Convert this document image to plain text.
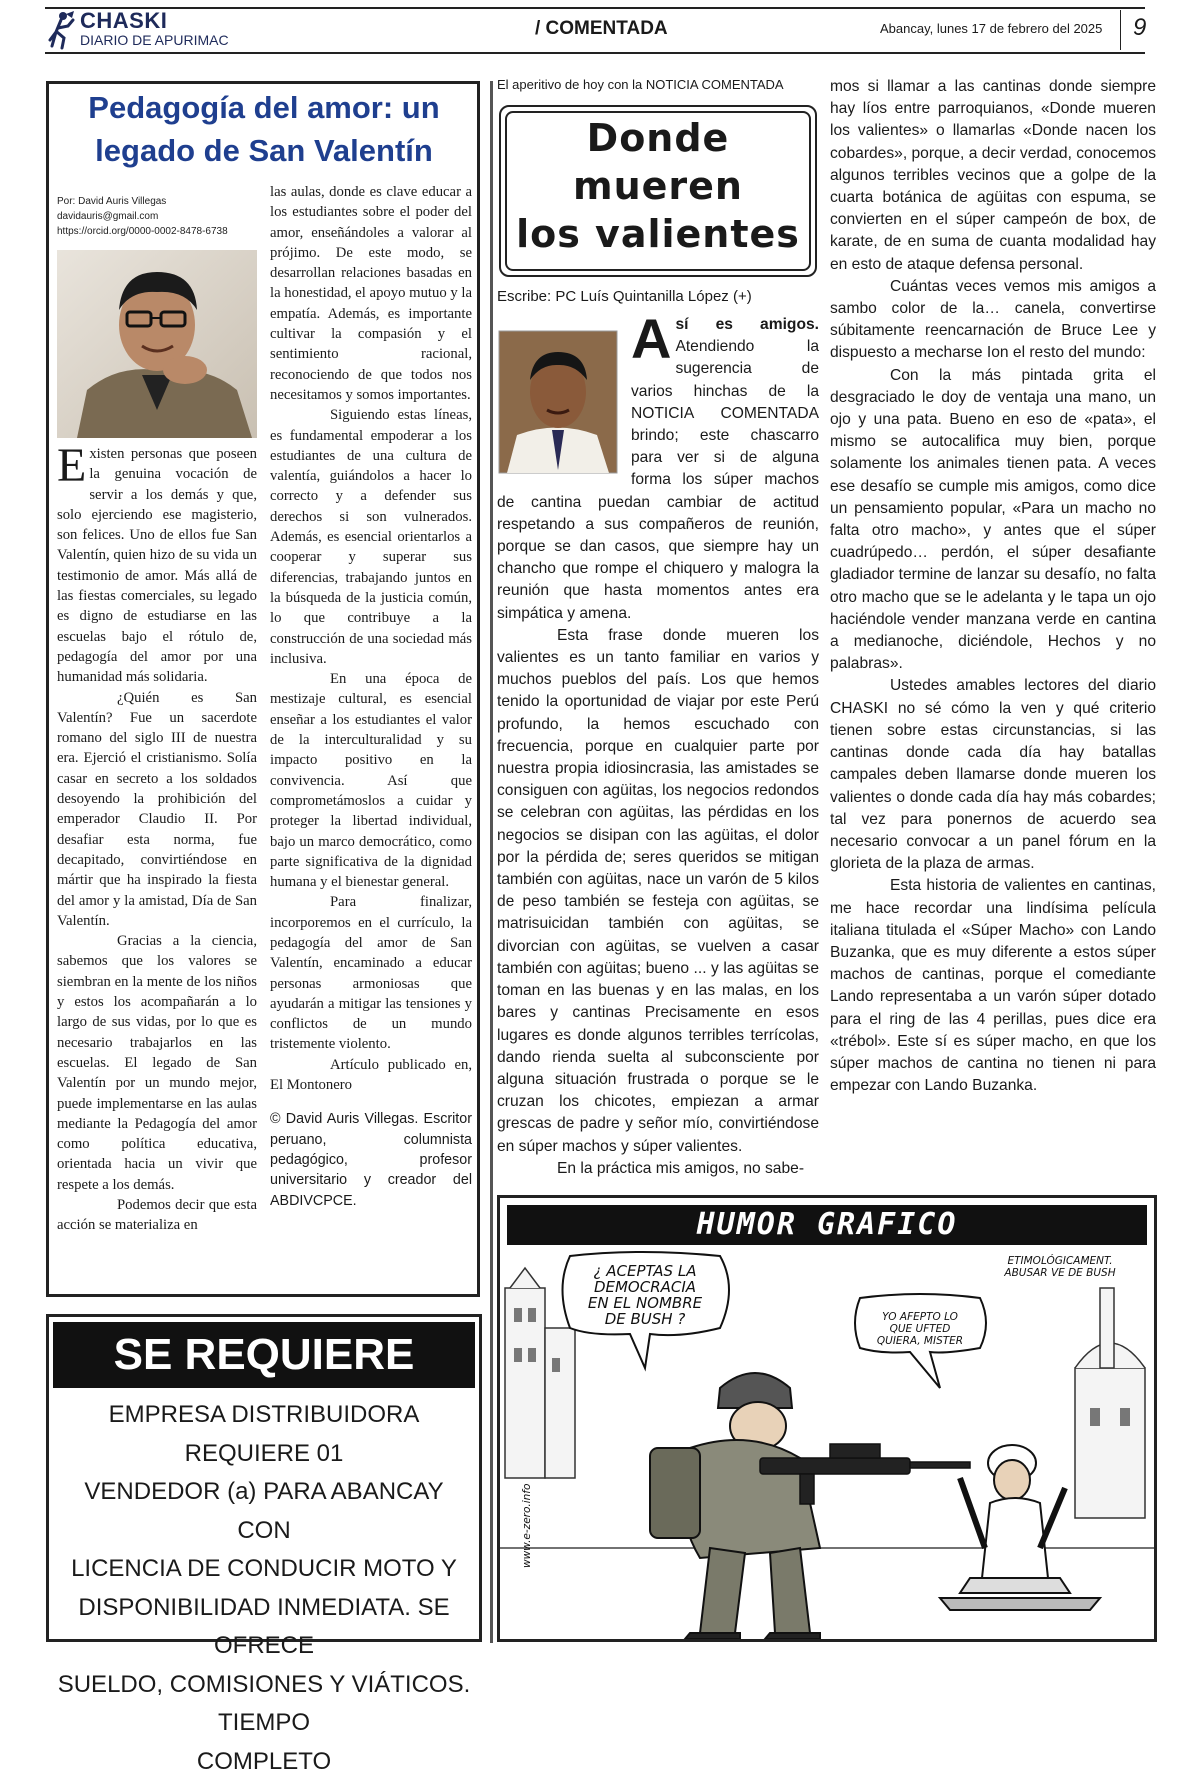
CHASKI
DIARIO DE APURIMAC
/ COMENTADA	Abancay, lunes 17 de febrero del 2025 9
Pedagogía del amor: un legado de San Valentín
Por: David Auris Villegas
davidauris@gmail.com
https://orcid.org/0000-0002-8478-6738

Existen personas que poseen la genuina vocación de servir a los demás y que, solo ejerciendo ese magisterio, son felices. Uno de ellos fue San Valentín, quien hizo de su vida un testimonio de amor. Más allá de las fiestas comerciales, su legado es digno de estudiarse en las escuelas bajo el rótulo de, pedagogía del amor por una humanidad más solidaria.

¿Quién es San Valentín? Fue un sacerdote romano del siglo III de nuestra era. Ejerció el cristianismo. Solía casar en secreto a los soldados desoyendo la prohibición del emperador Claudio II. Por desafiar esta norma, fue decapitado, convirtiéndose en mártir que ha inspirado la fiesta del amor y la amistad, Día de San Valentín.

Gracias a la ciencia, sabemos que los valores se siembran en la mente de los niños y estos los acompañarán a lo largo de sus vidas, por lo que es necesario trabajarlos en las escuelas. El legado de San Valentín por un mundo mejor, puede implementarse en las aulas mediante la Pedagogía del amor como política educativa, orientada hacia un vivir que respete a los demás.

Podemos decir que esta acción se materializa en

las aulas, donde es clave educar a los estudiantes sobre el poder del amor, enseñándoles a valorar al prójimo. De este modo, se desarrollan relaciones basadas en la honestidad, el apoyo mutuo y la empatía. Además, es importante cultivar la compasión y el sentimiento racional, reconociendo de que todos nos necesitamos y somos importantes.

Siguiendo estas líneas, es fundamental empoderar a los estudiantes de una cultura de valentía, guiándolos a hacer lo correcto y a defender sus derechos si son vulnerados. Además, es esencial orientarlos a cooperar y superar sus diferencias, trabajando juntos en la búsqueda de la justicia común, lo que contribuye a la construcción de una sociedad más inclusiva.

En una época de mestizaje cultural, es esencial enseñar a los estudiantes el valor de la interculturalidad y su impacto positivo en la convivencia. Así que comprometámoslos a cuidar y proteger la libertad individual, bajo un marco democrático, como parte significativa de la dignidad humana y el bienestar general.

Para finalizar, incorporemos en el currículo, la pedagogía del amor de San Valentín, encaminado a educar personas armoniosas que ayudarán a mitigar las tensiones y conflictos de un mundo tristemente violento.

Artículo publicado en, El Montonero

© David Auris Villegas. Escritor peruano, columnista pedagógico, profesor universitario y creador del ABDIVCPCE.

El aperitivo de hoy con la NOTICIA COMENTADA
Donde
mueren
los valientes
Escribe: PC Luís Quintanilla López (+)

Así es amigos. Atendiendo la sugerencia de varios hinchas de la NOTICIA COMENTADA brindo; este chascarro para ver si de alguna forma los súper machos de cantina puedan cambiar de actitud respetando a sus compañeros de reunión, porque se dan casos, que siempre hay un chancho que rompe el chiquero y malogra la reunión que hasta momentos antes era simpática y amena.

Esta frase donde mueren los valientes es un tanto familiar en varios y muchos pueblos del país. Los que hemos tenido la oportunidad de viajar por este Perú profundo, la hemos escuchado con frecuencia, porque en cualquier parte por nuestra propia idiosincrasia, las amistades se consiguen con agüitas, los negocios redondos se celebran con agüitas, las pérdidas en los negocios se disipan con las agüitas, el dolor por la pérdida de; seres queridos se mitigan también con agüitas, nace un varón de 5 kilos de peso también se festeja con agüitas, se matrisuicidan también con agüitas, se divorcian con agüitas, se vuelven a casar también con agüitas; bueno ... y las agüitas se toman en las buenas y en las malas, en los bares y cantinas Precisamente en esos lugares es donde algunos terribles terrícolas, dando rienda suelta al subconsciente por alguna situación frustrada o porque se le cruzan los chicotes, empiezan a armar grescas de padre y señor mío, convirtiéndose en súper machos y súper valientes.

En la práctica mis amigos, no sabe-

mos si llamar a las cantinas donde siempre hay líos entre parroquianos, «Donde mueren los valientes» o llamarlas «Donde nacen los cobardes», porque, a decir verdad, conocemos algunos terribles vecinos que a golpe de la cuarta botánica de agüitas con espuma, se convierten en el súper campeón de box, de karate, de en suma de cuanta modalidad hay en esto de ataque defensa personal.

Cuántas veces vemos mis amigos a sambo color de la… canela, convertirse súbitamente reencarnación de Bruce Lee y dispuesto a mecharse Ion el resto del mundo:

Con la más pintada grita el desgraciado le doy de ventaja una mano, un ojo y una pata. Bueno en eso de «pata», el mismo se autocalifica muy bien, porque solamente los animales tienen pata. A veces ese desafío se cumple mis amigos, como dice un pensamiento popular, «Para un macho no falta otro macho», y antes que el súper cuadrúpedo… perdón, el súper desafiante gladiador termine de lanzar su desafío, no falta otro macho que se le adelanta y le tapa un ojo haciéndole vender manzana verde en cantina a medianoche, diciéndole, Hechos y no palabras».

Ustedes amables lectores del diario CHASKI no sé cómo la ven y qué criterio tienen sobre estas circunstancias, si las cantinas donde cada día hay batallas campales deben llamarse donde mueren los valientes o donde cada día hay más cobardes; tal vez para ponernos de acuerdo sea necesario convocar a un panel fórum en la glorieta de la plaza de armas.

Esta historia de valientes en cantinas, me hace recordar una lindísima película italiana titulada el «Súper Macho» con Lando Buzanka, que es muy diferente a estos súper machos de cantinas, porque el comediante Lando representaba a un varón súper dotado para el ring de las 4 perillas, pues dice era «trébol». Este sí es súper macho, en que los súper machos de cantina no tienen ni para empezar con Lando Buzanka.

SE REQUIERE
EMPRESA DISTRIBUIDORA REQUIERE 01
VENDEDOR (a) PARA ABANCAY CON
LICENCIA DE CONDUCIR MOTO Y
DISPONIBILIDAD INMEDIATA. SE OFRECE
SUELDO, COMISIONES Y VIÁTICOS. TIEMPO
COMPLETO
HUMOR GRAFICO
¿ ACEPTAS LA
DEMOCRACIA
EN EL NOMBRE
DE BUSH ?	YO AFEPTO LO
QUE UFTED
QUIERA, MISTER
ETIMOLÓGICAMENT.
ABUSAR VE DE BUSH
www.e-zero.info
